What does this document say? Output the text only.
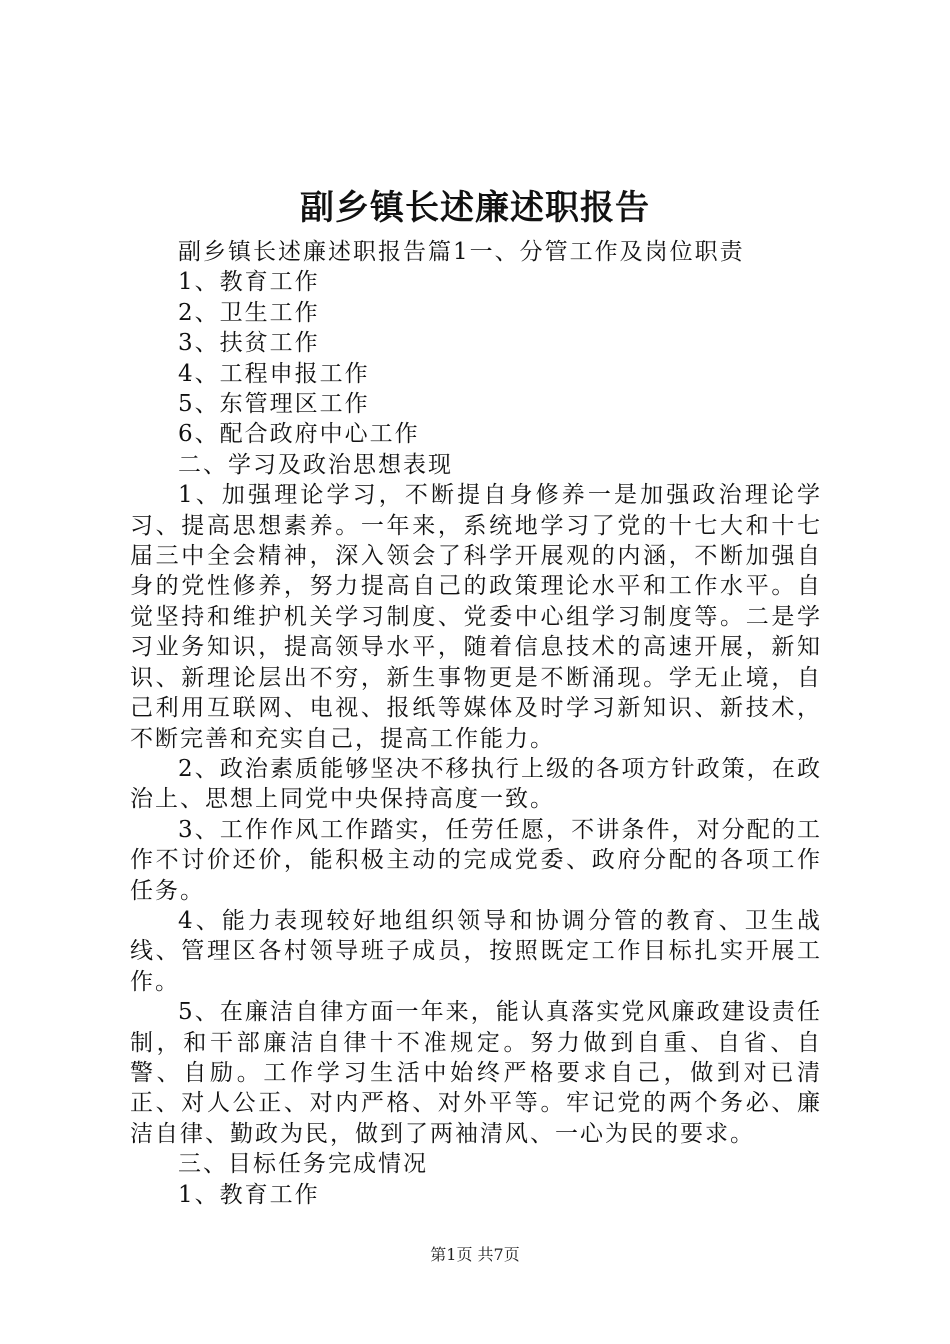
副乡镇长述廉述职报告

副乡镇长述廉述职报告篇1一、分管工作及岗位职责

1、教育工作

2、卫生工作

3、扶贫工作

4、工程申报工作

5、东管理区工作

6、配合政府中心工作

二、学习及政治思想表现

1、加强理论学习，不断提自身修养一是加强政治理论学习、提高思想素养。一年来，系统地学习了党的十七大和十七届三中全会精神，深入领会了科学开展观的内涵，不断加强自身的党性修养，努力提高自己的政策理论水平和工作水平。自觉坚持和维护机关学习制度、党委中心组学习制度等。二是学习业务知识，提高领导水平，随着信息技术的高速开展，新知识、新理论层出不穷，新生事物更是不断涌现。学无止境，自己利用互联网、电视、报纸等媒体及时学习新知识、新技术，不断完善和充实自己，提高工作能力。

2、政治素质能够坚决不移执行上级的各项方针政策，在政治上、思想上同党中央保持高度一致。

3、工作作风工作踏实，任劳任愿，不讲条件，对分配的工作不讨价还价，能积极主动的完成党委、政府分配的各项工作任务。

4、能力表现较好地组织领导和协调分管的教育、卫生战线、管理区各村领导班子成员，按照既定工作目标扎实开展工作。

5、在廉洁自律方面一年来，能认真落实党风廉政建设责任制，和干部廉洁自律十不准规定。努力做到自重、自省、自警、自励。工作学习生活中始终严格要求自己，做到对已清正、对人公正、对内严格、对外平等。牢记党的两个务必、廉洁自律、勤政为民，做到了两袖清风、一心为民的要求。

三、目标任务完成情况

1、教育工作

第1页 共7页
